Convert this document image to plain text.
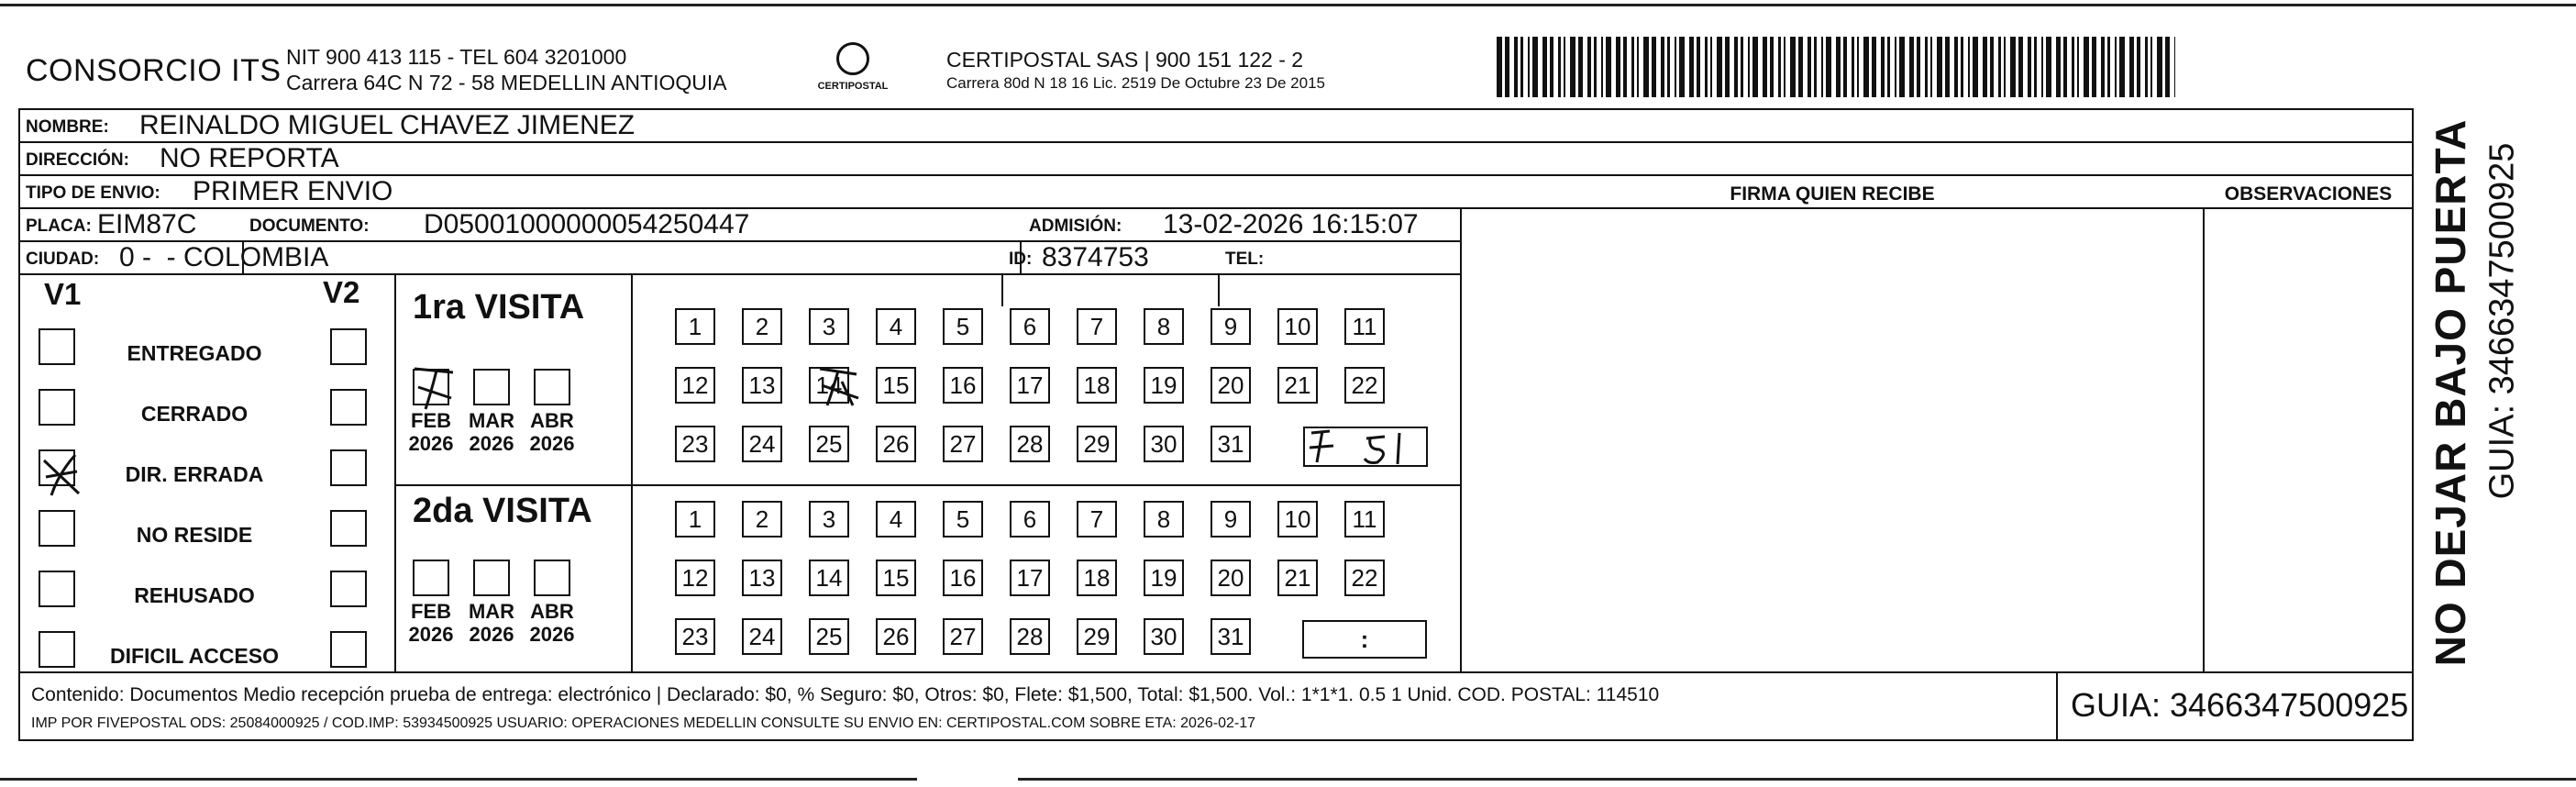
CONSORCIO ITS NIT 900 413 115 - TEL 604 3201000
Carrera 64C N 72 - 58 MEDELLIN ANTIOQUIA	CERTIPOSTAL
CERTIPOSTAL SAS | 900 151 122 - 2
Carrera 80d N 18 16 Lic. 2519 De Octubre 23 De 2015
NOMBRE: REINALDO MIGUEL CHAVEZ JIMENEZ
DIRECCIÓN: NO REPORTA
TIPO DE ENVIO: PRIMER ENVIO	FIRMA QUIEN RECIBE	OBSERVACIONES
PLACA: EIM87C	DOCUMENTO: D05001000000054250447	ADMISIÓN: 13-02-2026 16:15:07
CIUDAD: 0 -  - COLOMBIA	ID: 8374753	TEL:
V1	V2
ENTREGADO
CERRADO
DIR. ERRADA
NO RESIDE
REHUSADO
DIFICIL ACCESO
1ra VISITA
FEB
2026
MAR
2026
ABR
2026
1	2	3	4	5	6	7	8	9	10	11
12 13 14 15 16 17 18 19 20 21 22
23 24 25 26 27 28 29 30 31
2da VISITA
FEB
2026
MAR
2026
ABR
2026
1	2	3	4	5	6	7	8	9	10	11
12 13 14 15 16 17 18 19 20 21 22
23 24 25 26 27 28 29 30 31	:
Contenido: Documentos Medio recepción prueba de entrega: electrónico | Declarado: $0, % Seguro: $0, Otros: $0, Flete: $1,500, Total: $1,500. Vol.: 1*1*1. 0.5 1 Unid. COD. POSTAL: 114510
IMP POR FIVEPOSTAL ODS: 25084000925 / COD.IMP: 53934500925 USUARIO: OPERACIONES MEDELLIN CONSULTE SU ENVIO EN: CERTIPOSTAL.COM SOBRE ETA: 2026-02-17	GUIA: 3466347500925
NO DEJAR BAJO PUERTA GUIA: 3466347500925
